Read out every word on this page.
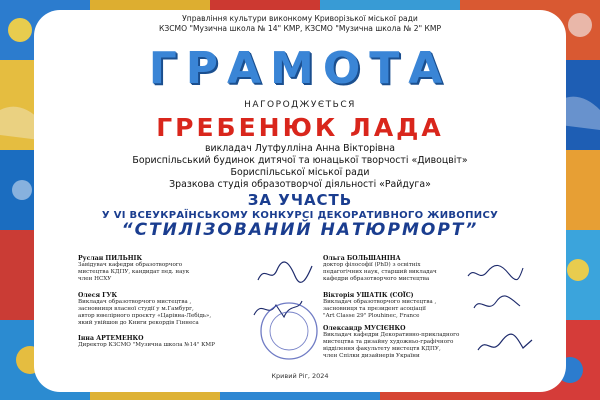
Управління культури виконкому Криворізької міської ради
КЗСМО "Музична школа № 14" КМР, КЗСМО "Музична школа № 2" КМР
ГРАМОТА
НАГОРОДЖУЄТЬСЯ
ГРЕБЕНЮК ЛАДА
викладач Лутфулліна Анна Вікторівна
Бориспільський будинок дитячої та юнацької творчості «Дивоцвіт»
Бориспільської міської ради
Зразкова студія образотворчої діяльності «Райдуга»
ЗА УЧАСТЬ
У VI ВСЕУКРАЇНСЬКОМУ КОНКУРСІ ДЕКОРАТИВНОГО ЖИВОПИСУ
“СТИЛІЗОВАНИЙ НАТЮРМОРТ”
Руслан ПИЛЬНІК
Завідувач кафедри образотворчого
мистецтва КДПУ, кандидат пед. наук
член НСХУ
Олеся ГУК
Викладач образотворчого мистецтва ,
засновниця власної студії у м.Гамбург,
автор ювелірного проєкту «Царівна-Лебідь»,
який увійшов до Книги рекордів Гіннеса
Інна АРТЕМЕНКО
Директор КЗСМО "Музична школа №14" КМР
Ольга БОЛЬШАНІНА
доктор філософії (PhD) з освітніх
педагогічних наук, старший викладач
кафедри образотворчого мистецтва
Вікторія УШАТІК (COЇС)
Викладач образотворчого мистецтва ,
засновниця та президент асоціації
"Art Classe 29" Plouhinec, France
Олександр МУСІЄНКО
Викладач кафедри Декоративно-прикладного
мистецтва та дизайну художньо-графічного
відділення факультету мистецтв КДПУ,
член Спілки дизайнерів України
Кривий Ріг, 2024
